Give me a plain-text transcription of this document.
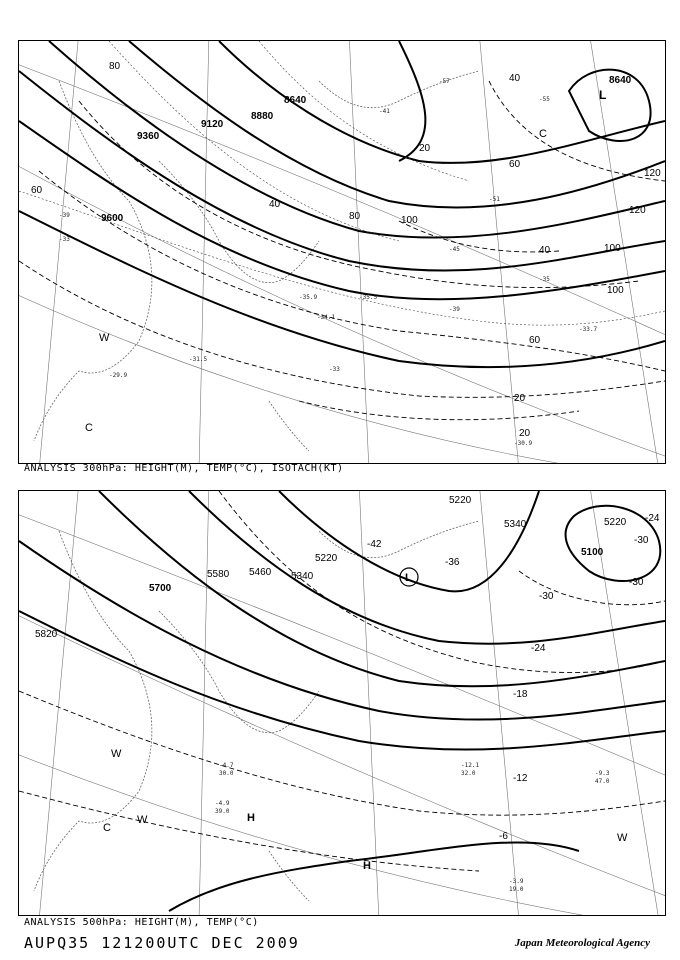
9600
9360
9120
8880
8640
8640
60
80
100
120
100
80
60
40
20
20
40
60
100
120
40
20
W
C
L
C
-39
-33
-35.5
-35.9
-34.1
-39
-33
-41
-45
-51
-57
-55
-30.9
-29.9
-31.5
-35
-33.7
ANALYSIS 300hPa: HEIGHT(M), TEMP(°C), ISOTACH(KT)
5820
5700
5580 5460 5340
5220
5220
5340	5220
5100
-42
-36
-30
-30
-24
-18
-12
-6
-24
-30
L
H
H
W
W
W
C
-3.9
19.0
-9.3
47.0
-12.1
32.0
-4.7
30.0
-4.9
39.0
ANALYSIS 500hPa: HEIGHT(M), TEMP(°C)
AUPQ35 121200UTC DEC 2009	Japan Meteorological Agency
